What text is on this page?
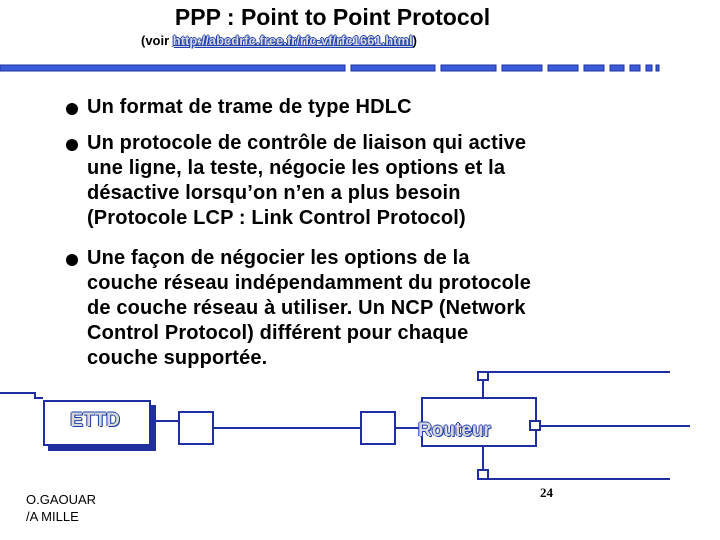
PPP : Point to Point Protocol
(voir http://abcdrfc.free.fr/rfc-vf/rfc1661.html)
Un format de trame de type HDLC
Un protocole de contrôle de liaison qui active
une ligne, la teste, négocie les options et la
désactive lorsqu’on n’en a plus besoin
(Protocole LCP : Link Control Protocol)
Une façon de négocier les options de la
couche réseau indépendamment du protocole
de couche réseau à utiliser. Un NCP (Network
Control Protocol) différent pour chaque
couche supportée.
ETTD	Routeur
O.GAOUAR
/A MILLE
24
